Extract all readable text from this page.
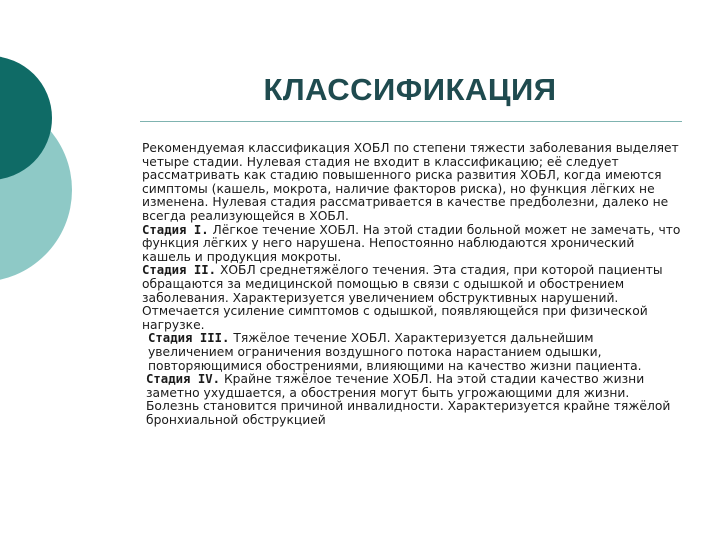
КЛАССИФИКАЦИЯ

Рекомендуемая классификация ХОБЛ по степени тяжести заболевания выделяет четыре стадии. Нулевая стадия не входит в классификацию; её следует рассматривать как стадию повышенного риска развития ХОБЛ, когда имеются симптомы (кашель, мокрота, наличие факторов риска), но функция лёгких не изменена. Нулевая стадия рассматривается в качестве предболезни, далеко не всегда реализующейся в ХОБЛ.

Стадия I. Лёгкое течение ХОБЛ. На этой стадии больной может не замечать, что функция лёгких у него нарушена. Непостоянно наблюдаются хронический кашель и продукция мокроты.

Стадия II. ХОБЛ среднетяжёлого течения. Эта стадия, при которой пациенты обращаются за медицинской помощью в связи с одышкой и обострением заболевания. Характеризуется увеличением обструктивных нарушений. Отмечается усиление симптомов с одышкой, появляющейся при физической нагрузке.

Стадия III. Тяжёлое течение ХОБЛ. Характеризуется дальнейшим увеличением ограничения воздушного потока нарастанием одышки, повторяющимися обострениями, влияющими на качество жизни пациента.

Стадия IV. Крайне тяжёлое течение ХОБЛ. На этой стадии качество жизни заметно ухудшается, а обострения могут быть угрожающими для жизни. Болезнь становится причиной инвалидности. Характеризуется крайне тяжёлой бронхиальной обструкцией
